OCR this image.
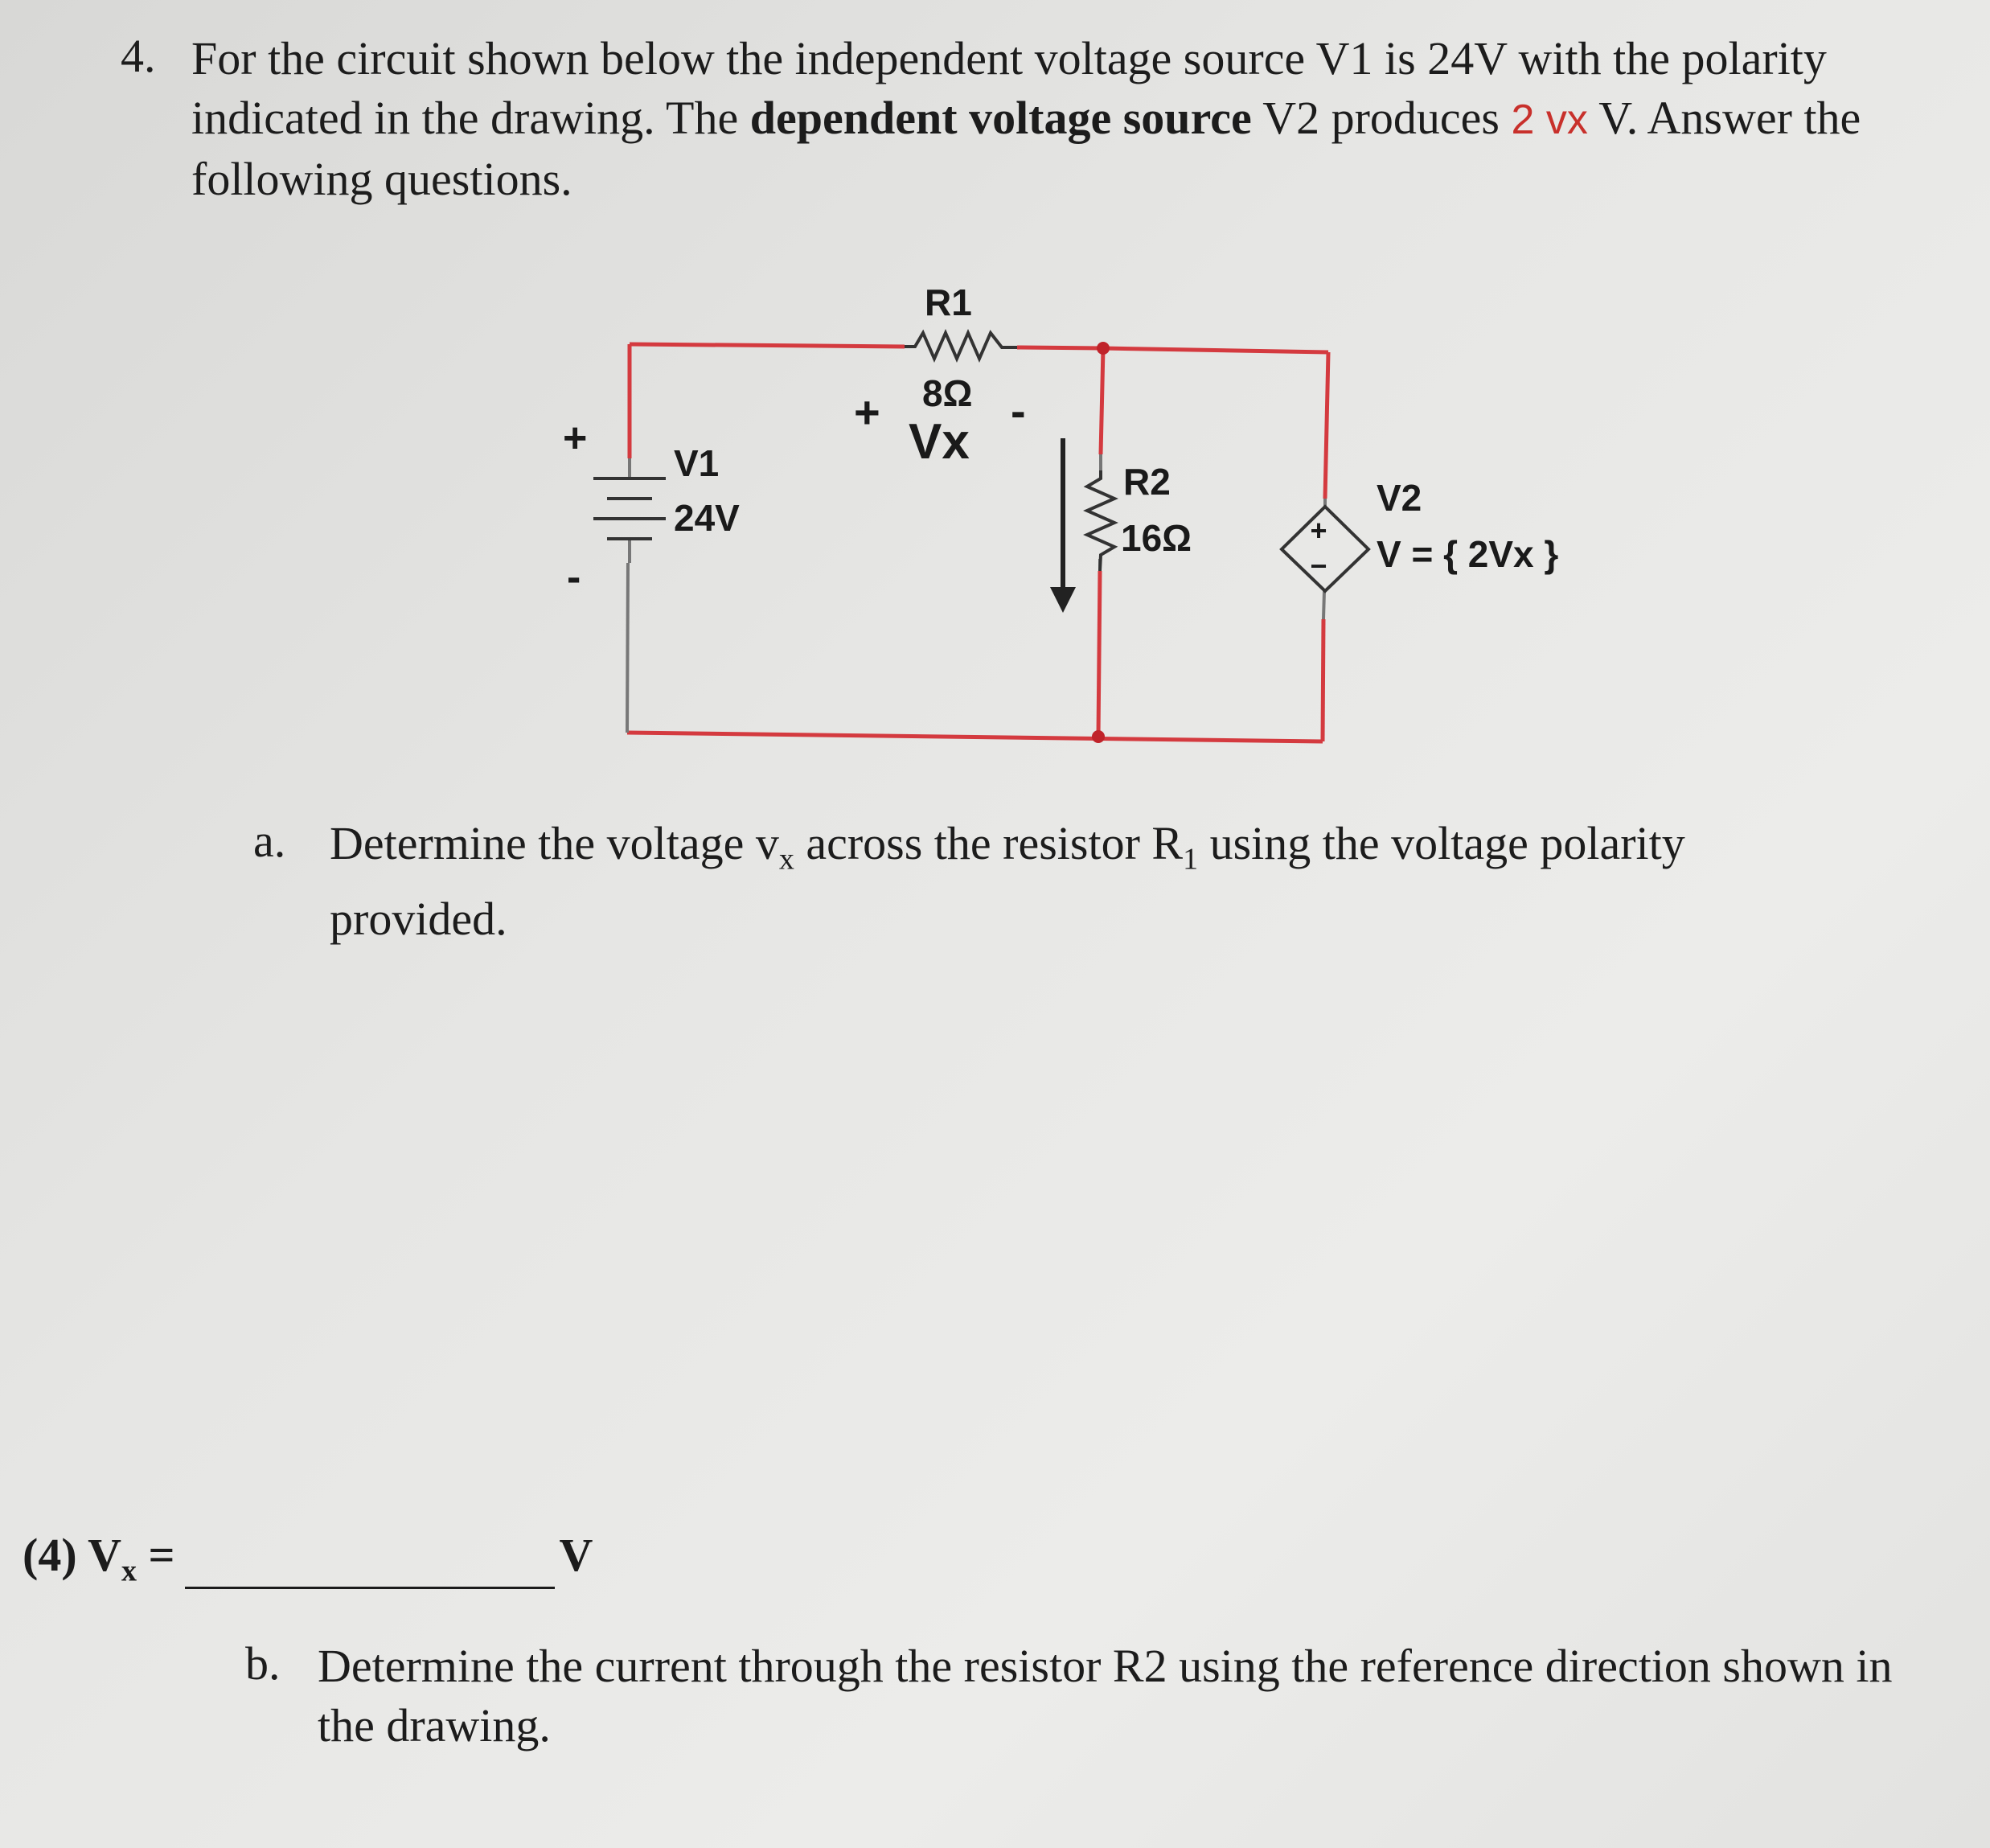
4. For the circuit shown below the independent voltage source V1 is 24V with the polarity indicated in the drawing. The dependent voltage source V2 produces 2 vx V. Answer the following questions.
+
−
R1
8Ω
Vx
+	-
+
-
V1
24V
R2
16Ω
V2
V = { 2Vx }
a. Determine the voltage $v_x$ across the resistor $R_1$ using the voltage polarity provided.
(4) $V_x$ =	V
b. Determine the current through the resistor R2 using the reference direction shown in the drawing.
